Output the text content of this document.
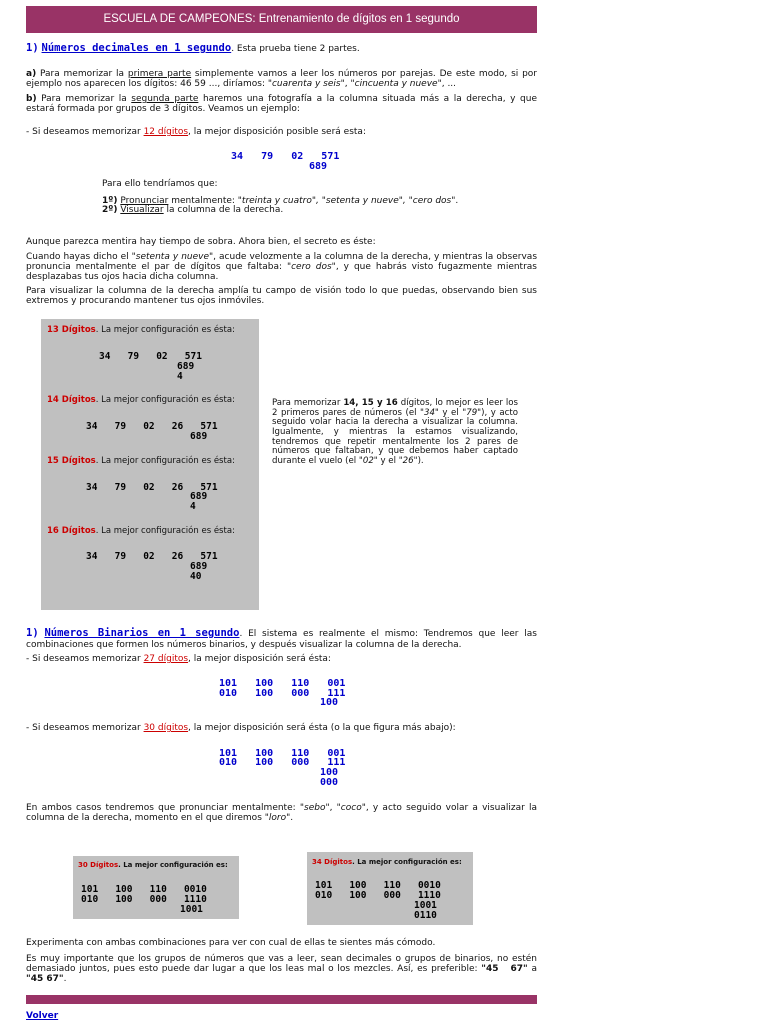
ESCUELA DE CAMPEONES: Entrenamiento de dígitos en 1 segundo
1) Números decimales en 1 segundo. Esta prueba tiene 2 partes.
a) Para memorizar la primera parte simplemente vamos a leer los números por parejas. De este modo, si por ejemplo nos aparecen los dígitos: 46 59 ..., diríamos: "cuarenta y seis", "cincuenta y nueve", ...
b) Para memorizar la segunda parte haremos una fotografía a la columna situada más a la derecha, y que estará formada por grupos de 3 dígitos. Veamos un ejemplo:
- Si deseamos memorizar 12 dígitos, la mejor disposición posible será esta:
34   79   02   571
689
Para ello tendríamos que:
1º) Pronunciar mentalmente: "treinta y cuatro", "setenta y nueve", "cero dos".
2º) Visualizar la columna de la derecha.
Aunque parezca mentira hay tiempo de sobra. Ahora bien, el secreto es éste:
Cuando hayas dicho el "setenta y nueve", acude velozmente a la columna de la derecha, y mientras la observas pronuncia mentalmente el par de dígitos que faltaba: "cero dos", y que habrás visto fugazmente mientras desplazabas tus ojos hacia dicha columna.
Para visualizar la columna de la derecha amplía tu campo de visión todo lo que puedas, observando bien sus extremos y procurando mantener tus ojos inmóviles.
13 Dígitos. La mejor configuración es ésta:
34   79   02   571
689
4
14 Dígitos. La mejor configuración es ésta:
34   79   02   26   571
689
15 Dígitos. La mejor configuración es ésta:
34   79   02   26   571
689
4
16 Dígitos. La mejor configuración es ésta:
34   79   02   26   571
689
40
Para memorizar 14, 15 y 16 dígitos, lo mejor es leer los 2 primeros pares de números (el "34" y el "79"), y acto seguido volar hacia la derecha a visualizar la columna. Igualmente, y mientras la estamos visualizando, tendremos que repetir mentalmente los 2 pares de números que faltaban, y que debemos haber captado durante el vuelo (el "02" y el "26").
1) Números Binarios en 1 segundo. El sistema es realmente el mismo: Tendremos que leer las combinaciones que formen los números binarios, y después visualizar la columna de la derecha.
- Si deseamos memorizar 27 dígitos, la mejor disposición será ésta:
101   100   110   001
010   100   000   111
100
- Si deseamos memorizar 30 dígitos, la mejor disposición será ésta (o la que figura más abajo):
101   100   110   001
010   100   000   111
100
000
En ambos casos tendremos que pronunciar mentalmente: "sebo", "coco", y acto seguido volar a visualizar la columna de la derecha, momento en el que diremos "loro".
30 Dígitos. La mejor configuración es:
101   100   110   0010
010   100   000   1110
1001
34 Dígitos. La mejor configuración es:
101   100   110   0010
010   100   000   1110
1001
0110
Experimenta con ambas combinaciones para ver con cual de ellas te sientes más cómodo.
Es muy importante que los grupos de números que vas a leer, sean decimales o grupos de binarios, no estén demasiado juntos, pues esto puede dar lugar a que los leas mal o los mezcles. Así, es preferible: "45   67" a "45 67".
Volver
